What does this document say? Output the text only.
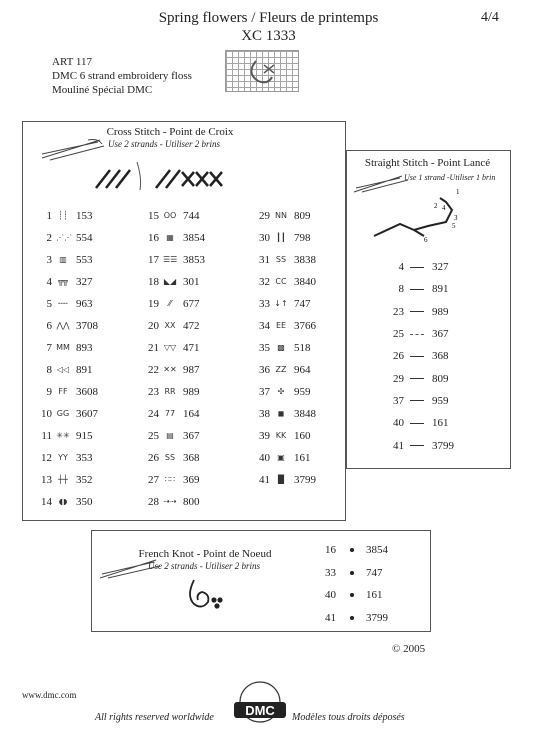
Spring flowers / Fleurs de printemps
XC 1333
4/4
ART 117
DMC 6 strand embroidery floss
Mouliné Spécial DMC
Cross Stitch - Point de Croix
Use 2 strands - Utiliser 2 brins
1 ┊┊ 153
2 ⋰⋰ 554
3 ▥ 553
4 ╦╦ 327
5 ╌╌ 963
6 ⋀⋀ 3708
7 MM 893
8 ◁◁ 891
9 FF 3608
10 GG 3607
11 ✳✳ 915
12 YY 353
13 ┼┼ 352
14 ◖◗ 350
15 OO 744
16 ▦ 3854
17 ☰☰ 3853
18 ◣◢ 301
19	⁄⁄	677
20 XX 472
21 ▽▽ 471
22 ✕✕ 987
23 RR 989
24 77 164
25 ▤ 367
26 SS 368
27 ∷∷ 369
28 ⇢⇢ 800
29 NN 809
30 ┃┃ 798
31 SS 3838
32 CC 3840
33 ↓↑ 747
34 EE 3766
35 ▩ 518
36 ZZ 964
37 ✣ 959
38 ◼ 3848
39 KK 160
40 ▣ 161
41 ▐▌ 3799
Straight Stitch - Point Lancé
Use 1 strand -Utiliser 1 brin
1
2
3
4
5
6
4	327
8	891
23	989
25	367
26	368
29	809
37	959
40	161
41	3799
French Knot - Point de Noeud
Use 2 strands - Utiliser 2 brins
16	3854
33	747
40	161
41	3799
© 2005
www.dmc.com
All rights reserved worldwide	Modèles tous droits déposés
DMC
